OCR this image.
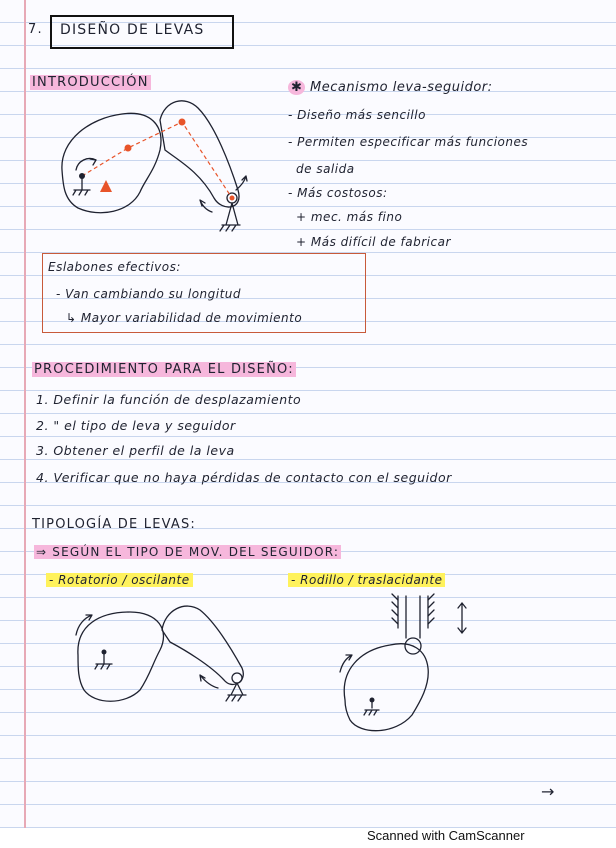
7. DISEÑO DE LEVAS
INTRODUCCIÓN	✱ Mecanismo leva-seguidor:
- Diseño más sencillo
- Permiten especificar más funciones
de salida
- Más costosos:
+ mec. más fino
+ Más difícil de fabricar
Eslabones efectivos:
- Van cambiando su longitud
↳ Mayor variabilidad de movimiento
PROCEDIMIENTO PARA EL DISEÑO:
1. Definir la función de desplazamiento
2. " el tipo de leva y seguidor
3. Obtener el perfil de la leva
4. Verificar que no haya pérdidas de contacto con el seguidor
TIPOLOGÍA DE LEVAS:
⇒ SEGÚN EL TIPO DE MOV. DEL SEGUIDOR:
- Rotatorio / oscilante	- Rodillo / traslacidante
→
Scanned with CamScanner
